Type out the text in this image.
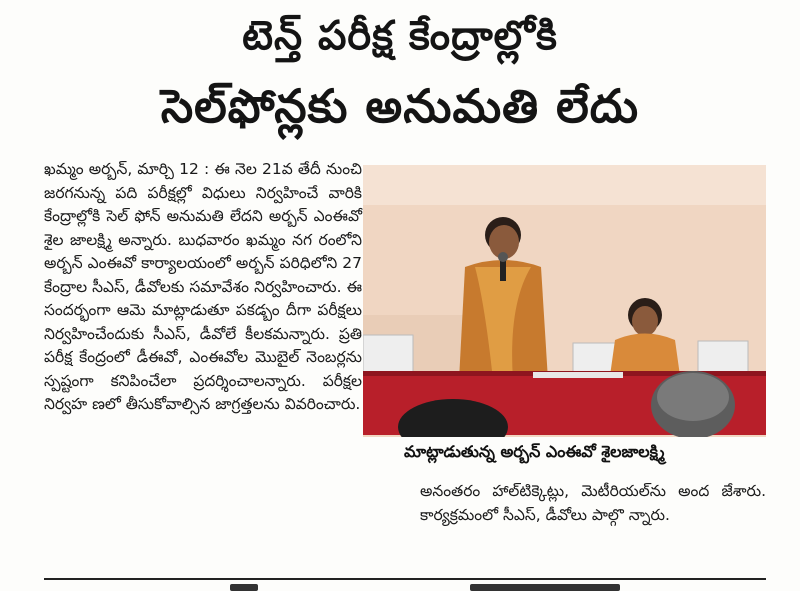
టెన్త్ పరీక్ష కేంద్రాల్లోకి
సెల్‌ఫోన్లకు అనుమతి లేదు

ఖమ్మం అర్బన్, మార్చి 12 : ఈ నెల 21వ తేదీ నుంచి జరగనున్న పది పరీక్షల్లో విధులు నిర్వహించే వారికి కేంద్రాల్లోకి సెల్ ఫోన్ అనుమతి లేదని అర్బన్ ఎంఈవో శైల జాలక్ష్మి అన్నారు. బుధవారం ఖమ్మం నగ రంలోని అర్బన్ ఎంఈవో కార్యాలయంలో అర్బన్ పరిధిలోని 27 కేంద్రాల సీఎస్, డీవోలకు సమావేశం నిర్వహించారు. ఈ సందర్భంగా ఆమె మాట్లాడుతూ పకడ్బం దీగా పరీక్షలు నిర్వహించేందుకు సీఎస్, డీవోలే కీలకమన్నారు. ప్రతి పరీక్ష కేంద్రంలో డీఈవో, ఎంఈవోల మొబైల్ నెంబర్లను స్పష్టంగా కనిపించేలా ప్రదర్శించాలన్నారు. పరీక్షల నిర్వహ ణలో తీసుకోవాల్సిన జాగ్రత్తలను వివరించారు.

మాట్లాడుతున్న అర్బన్ ఎంఈవో శైలజాలక్ష్మి

అనంతరం హాల్‌టిక్కెట్లు, మెటీరియల్‌ను అంద జేశారు. కార్యక్రమంలో సీఎస్, డీవోలు పాల్గొ న్నారు.
